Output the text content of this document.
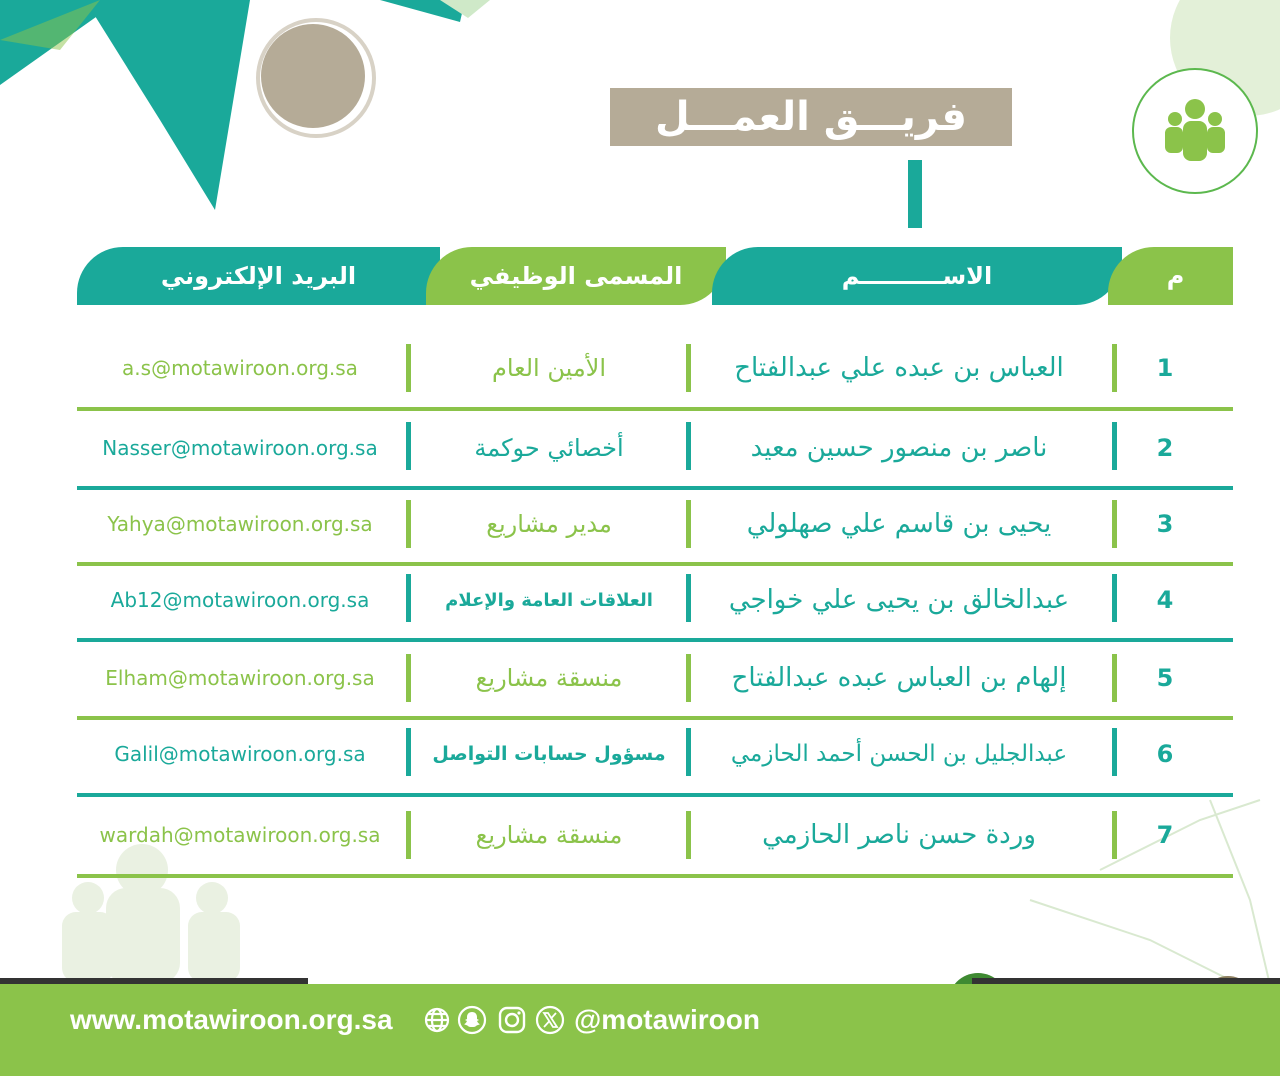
فريـــق العمـــل
البريد الإلكتروني	المسمى الوظيفي	الاســــــــــم	م
a.s@motawiroon.org.sa	الأمين العام	العباس بن عبده علي عبدالفتاح	1
Nasser@motawiroon.org.sa	أخصائي حوكمة	ناصر بن منصور حسين معيد	2
Yahya@motawiroon.org.sa	مدير مشاريع	يحيى بن قاسم علي صهلولي	3
Ab12@motawiroon.org.sa	العلاقات العامة والإعلام	عبدالخالق بن يحيى علي خواجي	4
Elham@motawiroon.org.sa	منسقة مشاريع	إلهام بن العباس عبده عبدالفتاح	5
Galil@motawiroon.org.sa	مسؤول حسابات التواصل	عبدالجليل بن الحسن أحمد الحازمي	6
wardah@motawiroon.org.sa	منسقة مشاريع	وردة حسن ناصر الحازمي	7
www.motawiroon.org.sa	@motawiroon
